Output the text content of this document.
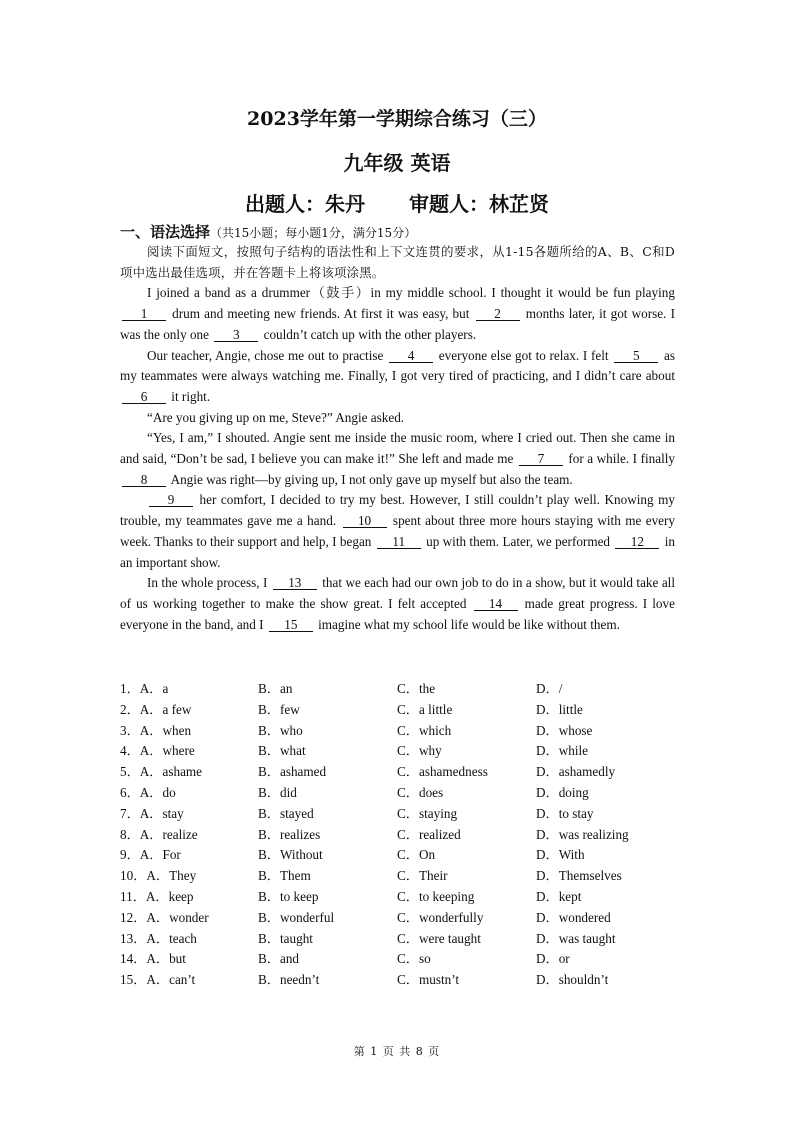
2023学年第一学期综合练习（三）
九年级 英语
出题人：朱丹 审题人：林芷贤
一、语法选择（共15小题；每小题1分，满分15分）

阅读下面短文，按照句子结构的语法性和上下文连贯的要求，从1-15各题所给的A、B、C和D项中选出最佳选项，并在答题卡上将该项涂黑。

I joined a band as a drummer（鼓手）in my middle school. I thought it would be fun playing 1 drum and meeting new friends. At first it was easy, but 2 months later, it got worse. I was the only one 3 couldn’t catch up with the other players.

Our teacher, Angie, chose me out to practise 4 everyone else got to relax. I felt 5 as my teammates were always watching me. Finally, I got very tired of practicing, and I didn’t care about 6 it right.

“Are you giving up on me, Steve?” Angie asked.

“Yes, I am,” I shouted. Angie sent me inside the music room, where I cried out. Then she came in and said, “Don’t be sad, I believe you can make it!” She left and made me 7 for a while. I finally 8 Angie was right—by giving up, I not only gave up myself but also the team.

9 her comfort, I decided to try my best. However, I still couldn’t play well. Knowing my trouble, my teammates gave me a hand. 10 spent about three more hours staying with me every week. Thanks to their support and help, I began 11 up with them. Later, we performed 12 in an important show.

In the whole process, I 13 that we each had our own job to do in a show, but it would take all of us working together to make the show great. I felt accepted 14 made great progress. I love everyone in the band, and I 15 imagine what my school life would be like without them.

1．A．a	B．an	C．the	D．/
2．A．a few	B．few	C．a little	D．little
3．A．when	B．who	C．which	D．whose
4．A．where	B．what	C．why	D．while
5．A．ashame	B．ashamed	C．ashamedness	D．ashamedly
6．A．do	B．did	C．does	D．doing
7．A．stay	B．stayed	C．staying	D．to stay
8．A．realize	B．realizes	C．realized	D．was realizing
9．A．For	B．Without	C．On	D．With
10．A．They	B．Them	C．Their	D．Themselves
11．A．keep	B．to keep	C．to keeping	D．kept
12．A．wonder	B．wonderful	C．wonderfully	D．wondered
13．A．teach	B．taught	C．were taught	D．was taught
14．A．but	B．and	C．so	D．or
15．A．can’t	B．needn’t	C．mustn’t	D．shouldn’t
第 1 页 共 8 页
